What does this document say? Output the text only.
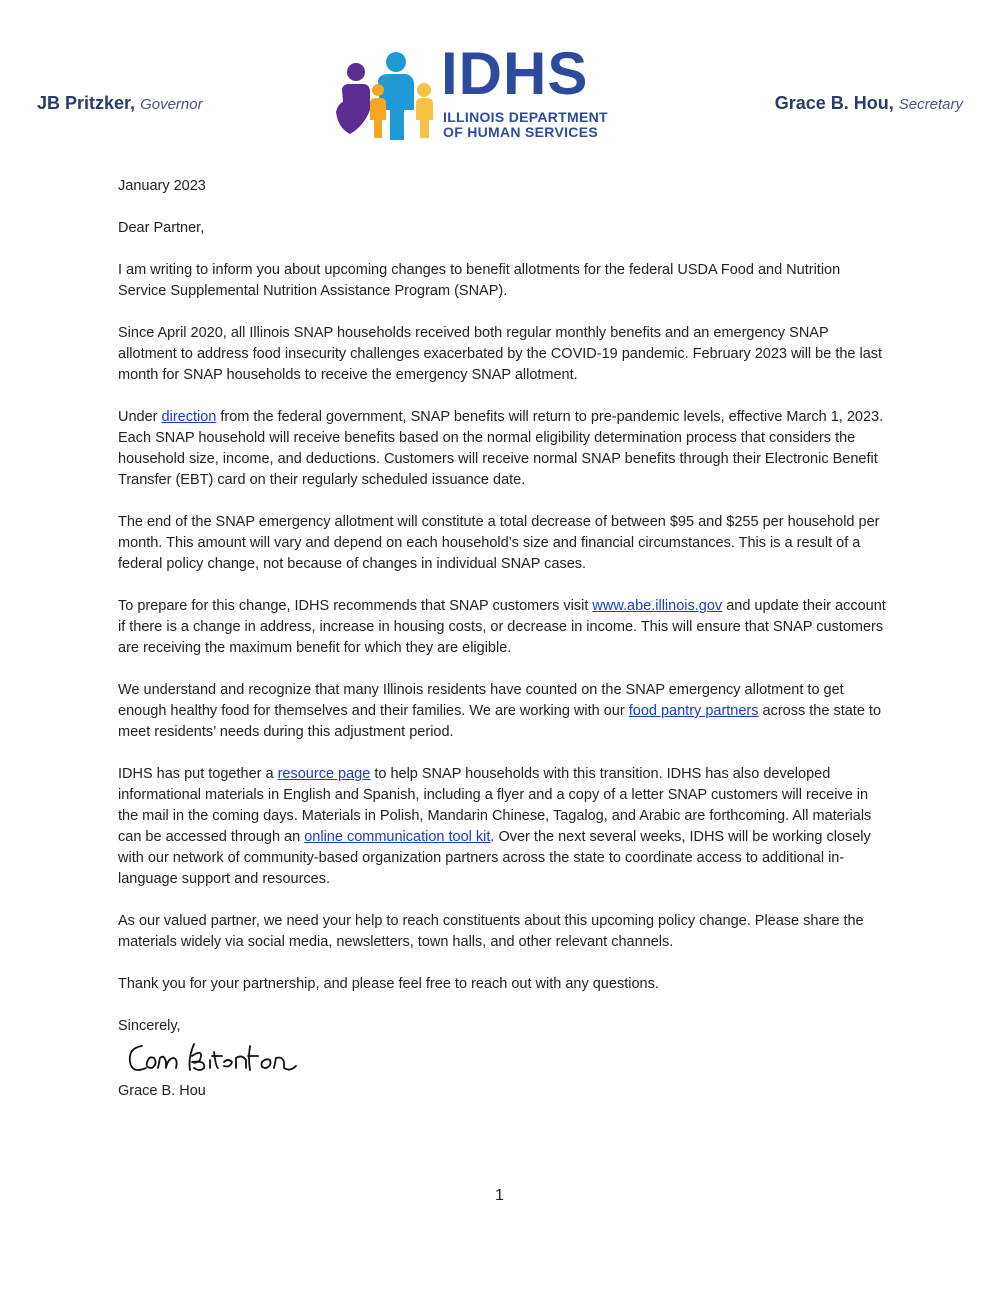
JB Pritzker, Governor	IDHS
ILLINOIS DEPARTMENT
OF HUMAN SERVICES
Grace B. Hou, Secretary

January 2023

Dear Partner,

I am writing to inform you about upcoming changes to benefit allotments for the federal USDA Food and Nutrition Service Supplemental Nutrition Assistance Program (SNAP).

Since April 2020, all Illinois SNAP households received both regular monthly benefits and an emergency SNAP allotment to address food insecurity challenges exacerbated by the COVID-19 pandemic. February 2023 will be the last month for SNAP households to receive the emergency SNAP allotment.

Under direction from the federal government, SNAP benefits will return to pre-pandemic levels, effective March 1, 2023. Each SNAP household will receive benefits based on the normal eligibility determination process that considers the household size, income, and deductions. Customers will receive normal SNAP benefits through their Electronic Benefit Transfer (EBT) card on their regularly scheduled issuance date.

The end of the SNAP emergency allotment will constitute a total decrease of between $95 and $255 per household per month. This amount will vary and depend on each household’s size and financial circumstances. This is a result of a federal policy change, not because of changes in individual SNAP cases.

To prepare for this change, IDHS recommends that SNAP customers visit www.abe.illinois.gov and update their account if there is a change in address, increase in housing costs, or decrease in income. This will ensure that SNAP customers are receiving the maximum benefit for which they are eligible.

We understand and recognize that many Illinois residents have counted on the SNAP emergency allotment to get enough healthy food for themselves and their families. We are working with our food pantry partners across the state to meet residents’ needs during this adjustment period.

IDHS has put together a resource page to help SNAP households with this transition. IDHS has also developed informational materials in English and Spanish, including a flyer and a copy of a letter SNAP customers will receive in the mail in the coming days. Materials in Polish, Mandarin Chinese, Tagalog, and Arabic are forthcoming. All materials can be accessed through an online communication tool kit. Over the next several weeks, IDHS will be working closely with our network of community-based organization partners across the state to coordinate access to additional in-language support and resources.

As our valued partner, we need your help to reach constituents about this upcoming policy change. Please share the materials widely via social media, newsletters, town halls, and other relevant channels.

Thank you for your partnership, and please feel free to reach out with any questions.

Sincerely,
Grace B. Hou
1
